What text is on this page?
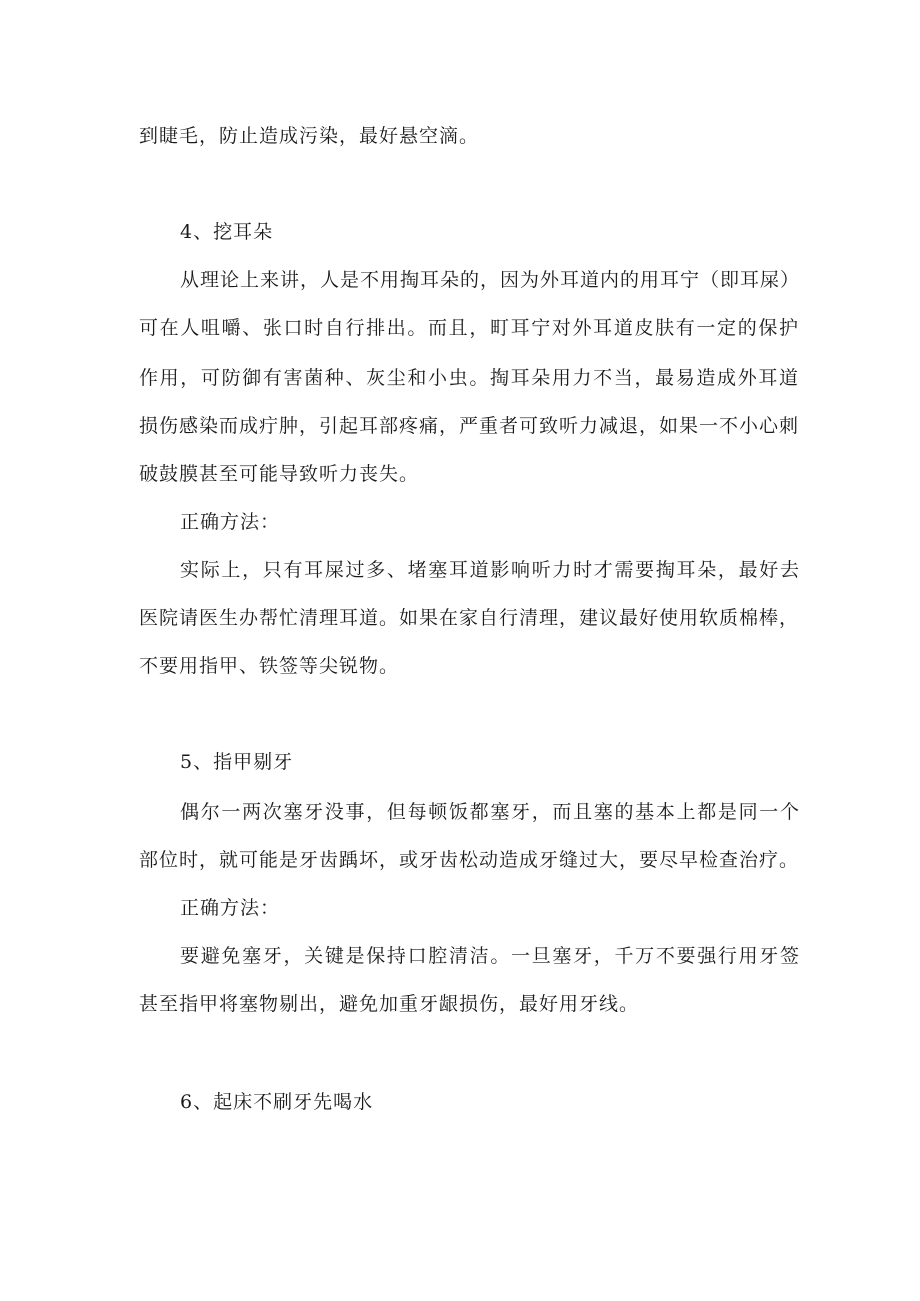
到睫毛，防止造成污染，最好悬空滴。
4、挖耳朵
从理论上来讲，人是不用掏耳朵的，因为外耳道内的用耳宁（即耳屎）
可在人咀嚼、张口时自行排出。而且，町耳宁对外耳道皮肤有一定的保护
作用，可防御有害菌种、灰尘和小虫。掏耳朵用力不当，最易造成外耳道
损伤感染而成疔肿，引起耳部疼痛，严重者可致听力减退，如果一不小心刺
破鼓膜甚至可能导致听力丧失。
正确方法：
实际上，只有耳屎过多、堵塞耳道影响听力时才需要掏耳朵，最好去
医院请医生办帮忙清理耳道。如果在家自行清理，建议最好使用软质棉棒，
不要用指甲、铁签等尖锐物。
5、指甲剔牙
偶尔一两次塞牙没事，但每顿饭都塞牙，而且塞的基本上都是同一个
部位时，就可能是牙齿踽坏，或牙齿松动造成牙缝过大，要尽早检查治疗。
正确方法：
要避免塞牙，关键是保持口腔清洁。一旦塞牙，千万不要强行用牙签
甚至指甲将塞物剔出，避免加重牙龈损伤，最好用牙线。
6、起床不刷牙先喝水
